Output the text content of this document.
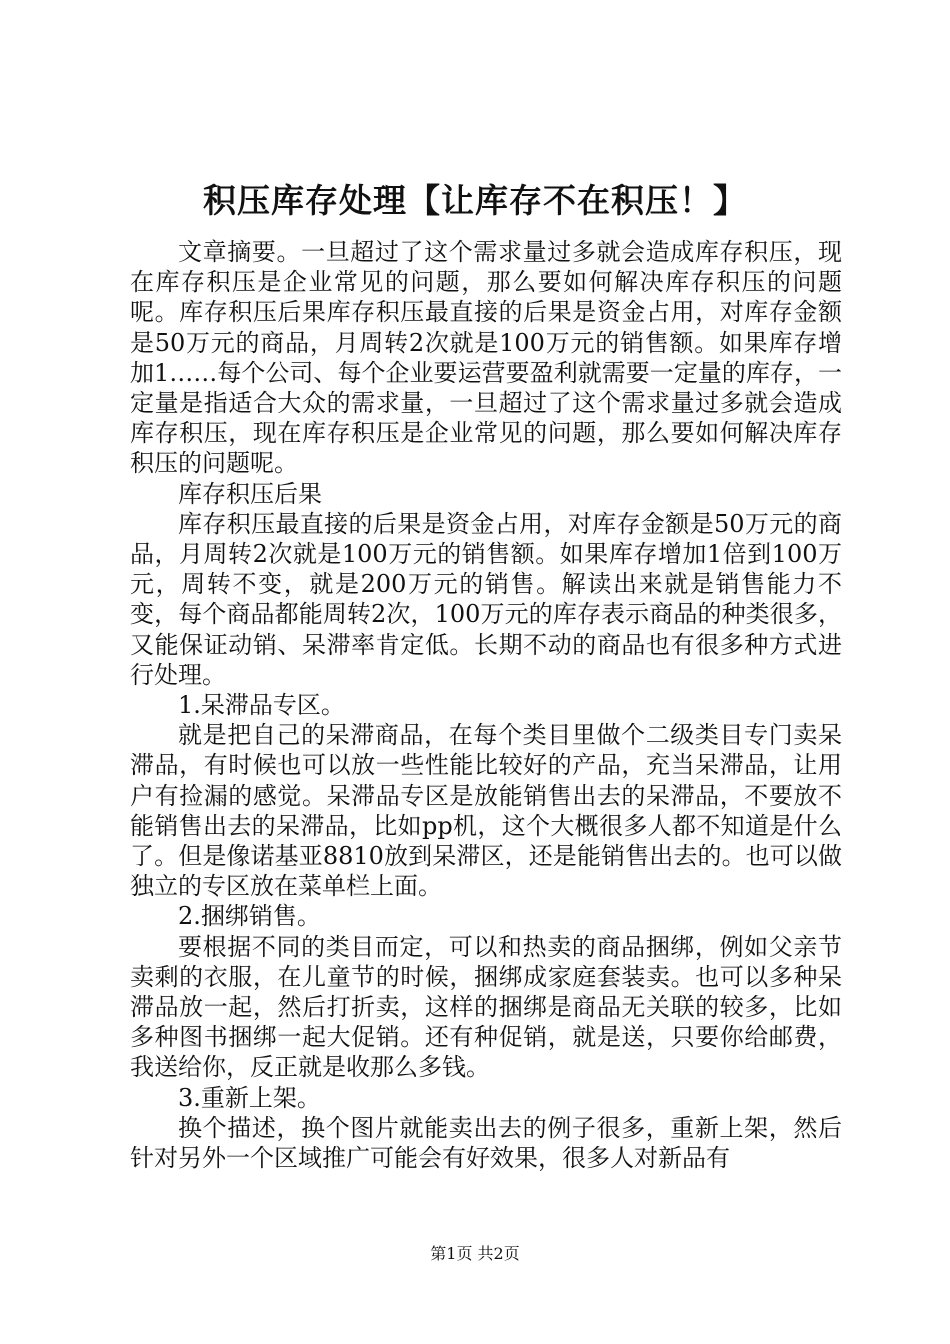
积压库存处理【让库存不在积压！】

文章摘要。一旦超过了这个需求量过多就会造成库存积压，现在库存积压是企业常见的问题，那么要如何解决库存积压的问题呢。库存积压后果库存积压最直接的后果是资金占用，对库存金额是50万元的商品，月周转2次就是100万元的销售额。如果库存增加1……每个公司、每个企业要运营要盈利就需要一定量的库存，一定量是指适合大众的需求量，一旦超过了这个需求量过多就会造成库存积压，现在库存积压是企业常见的问题，那么要如何解决库存积压的问题呢。

库存积压后果

库存积压最直接的后果是资金占用，对库存金额是50万元的商品，月周转2次就是100万元的销售额。如果库存增加1倍到100万元，周转不变，就是200万元的销售。解读出来就是销售能力不变，每个商品都能周转2次，100万元的库存表示商品的种类很多，又能保证动销、呆滞率肯定低。长期不动的商品也有很多种方式进行处理。

1.呆滞品专区。

就是把自己的呆滞商品，在每个类目里做个二级类目专门卖呆滞品，有时候也可以放一些性能比较好的产品，充当呆滞品，让用户有捡漏的感觉。呆滞品专区是放能销售出去的呆滞品，不要放不能销售出去的呆滞品，比如pp机，这个大概很多人都不知道是什么了。但是像诺基亚8810放到呆滞区，还是能销售出去的。也可以做独立的专区放在菜单栏上面。

2.捆绑销售。

要根据不同的类目而定，可以和热卖的商品捆绑，例如父亲节卖剩的衣服，在儿童节的时候，捆绑成家庭套装卖。也可以多种呆滞品放一起，然后打折卖，这样的捆绑是商品无关联的较多，比如多种图书捆绑一起大促销。还有种促销，就是送，只要你给邮费，我送给你，反正就是收那么多钱。

3.重新上架。

换个描述，换个图片就能卖出去的例子很多，重新上架，然后针对另外一个区域推广可能会有好效果，很多人对新品有

第1页 共2页
